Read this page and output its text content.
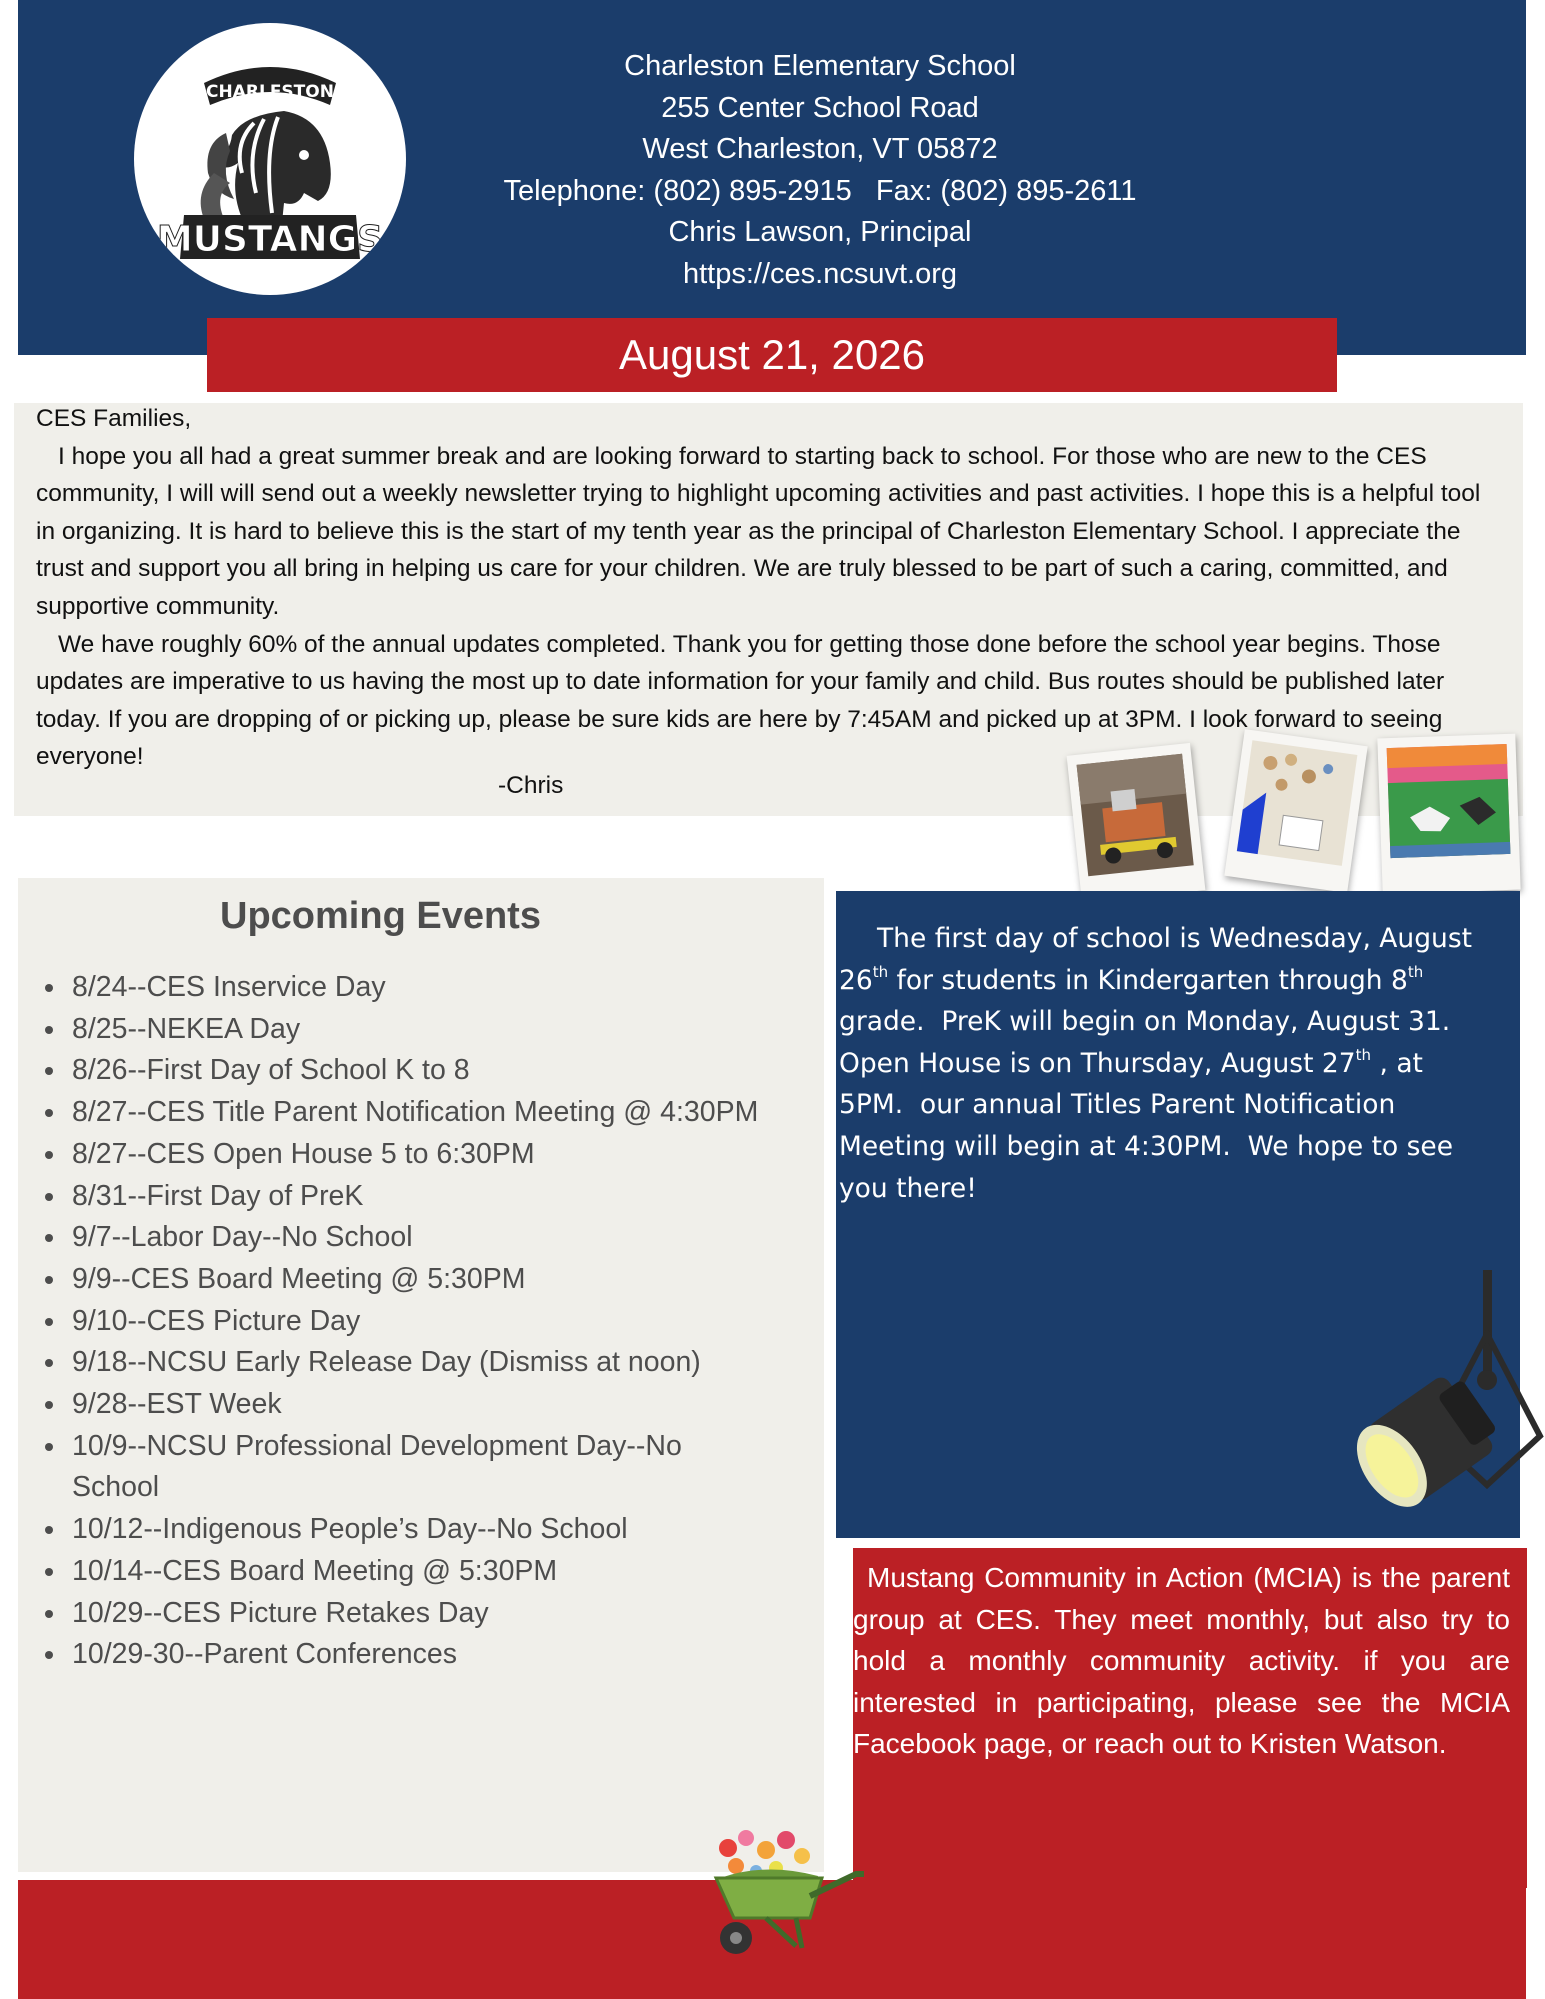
CHARLESTON
MUSTANGS
Charleston Elementary School
255 Center School Road
West Charleston, VT 05872
Telephone: (802) 895-2915   Fax: (802) 895-2611
Chris Lawson, Principal
https://ces.ncsuvt.org
August 21, 2026

CES Families,

I hope you all had a great summer break and are looking forward to starting back to school. For those who are new to the CES community, I will will send out a weekly newsletter trying to highlight upcoming activities and past activities. I hope this is a helpful tool in organizing. It is hard to believe this is the start of my tenth year as the principal of Charleston Elementary School. I appreciate the trust and support you all bring in helping us care for your children. We are truly blessed to be part of such a caring, committed, and supportive community.

We have roughly 60% of the annual updates completed. Thank you for getting those done before the school year begins. Those updates are imperative to us having the most up to date information for your family and child. Bus routes should be published later today. If you are dropping of or picking up, please be sure kids are here by 7:45AM and picked up at 3PM. I look forward to seeing everyone!

-Chris
Upcoming Events
• 8/24--CES Inservice Day
• 8/25--NEKEA Day
• 8/26--First Day of School K to 8
• 8/27--CES Title Parent Notification Meeting @ 4:30PM
• 8/27--CES Open House 5 to 6:30PM
• 8/31--First Day of PreK
• 9/7--Labor Day--No School
• 9/9--CES Board Meeting @ 5:30PM
• 9/10--CES Picture Day
• 9/18--NCSU Early Release Day (Dismiss at noon)
• 9/28--EST Week
• 10/9--NCSU Professional Development Day--No School
• 10/12--Indigenous People’s Day--No School
• 10/14--CES Board Meeting @ 5:30PM
• 10/29--CES Picture Retakes Day
• 10/29-30--Parent Conferences
The first day of school is Wednesday, August
26th for students in Kindergarten through 8th
grade.  PreK will begin on Monday, August 31.
Open House is on Thursday, August 27th , at
5PM.  our annual Titles Parent Notification
Meeting will begin at 4:30PM.  We hope to see
you there!
Mustang Community in Action (MCIA) is the parent group at CES. They meet monthly, but also try to hold a monthly community activity. if you are interested in participating, please see the MCIA Facebook page, or reach out to Kristen Watson.
